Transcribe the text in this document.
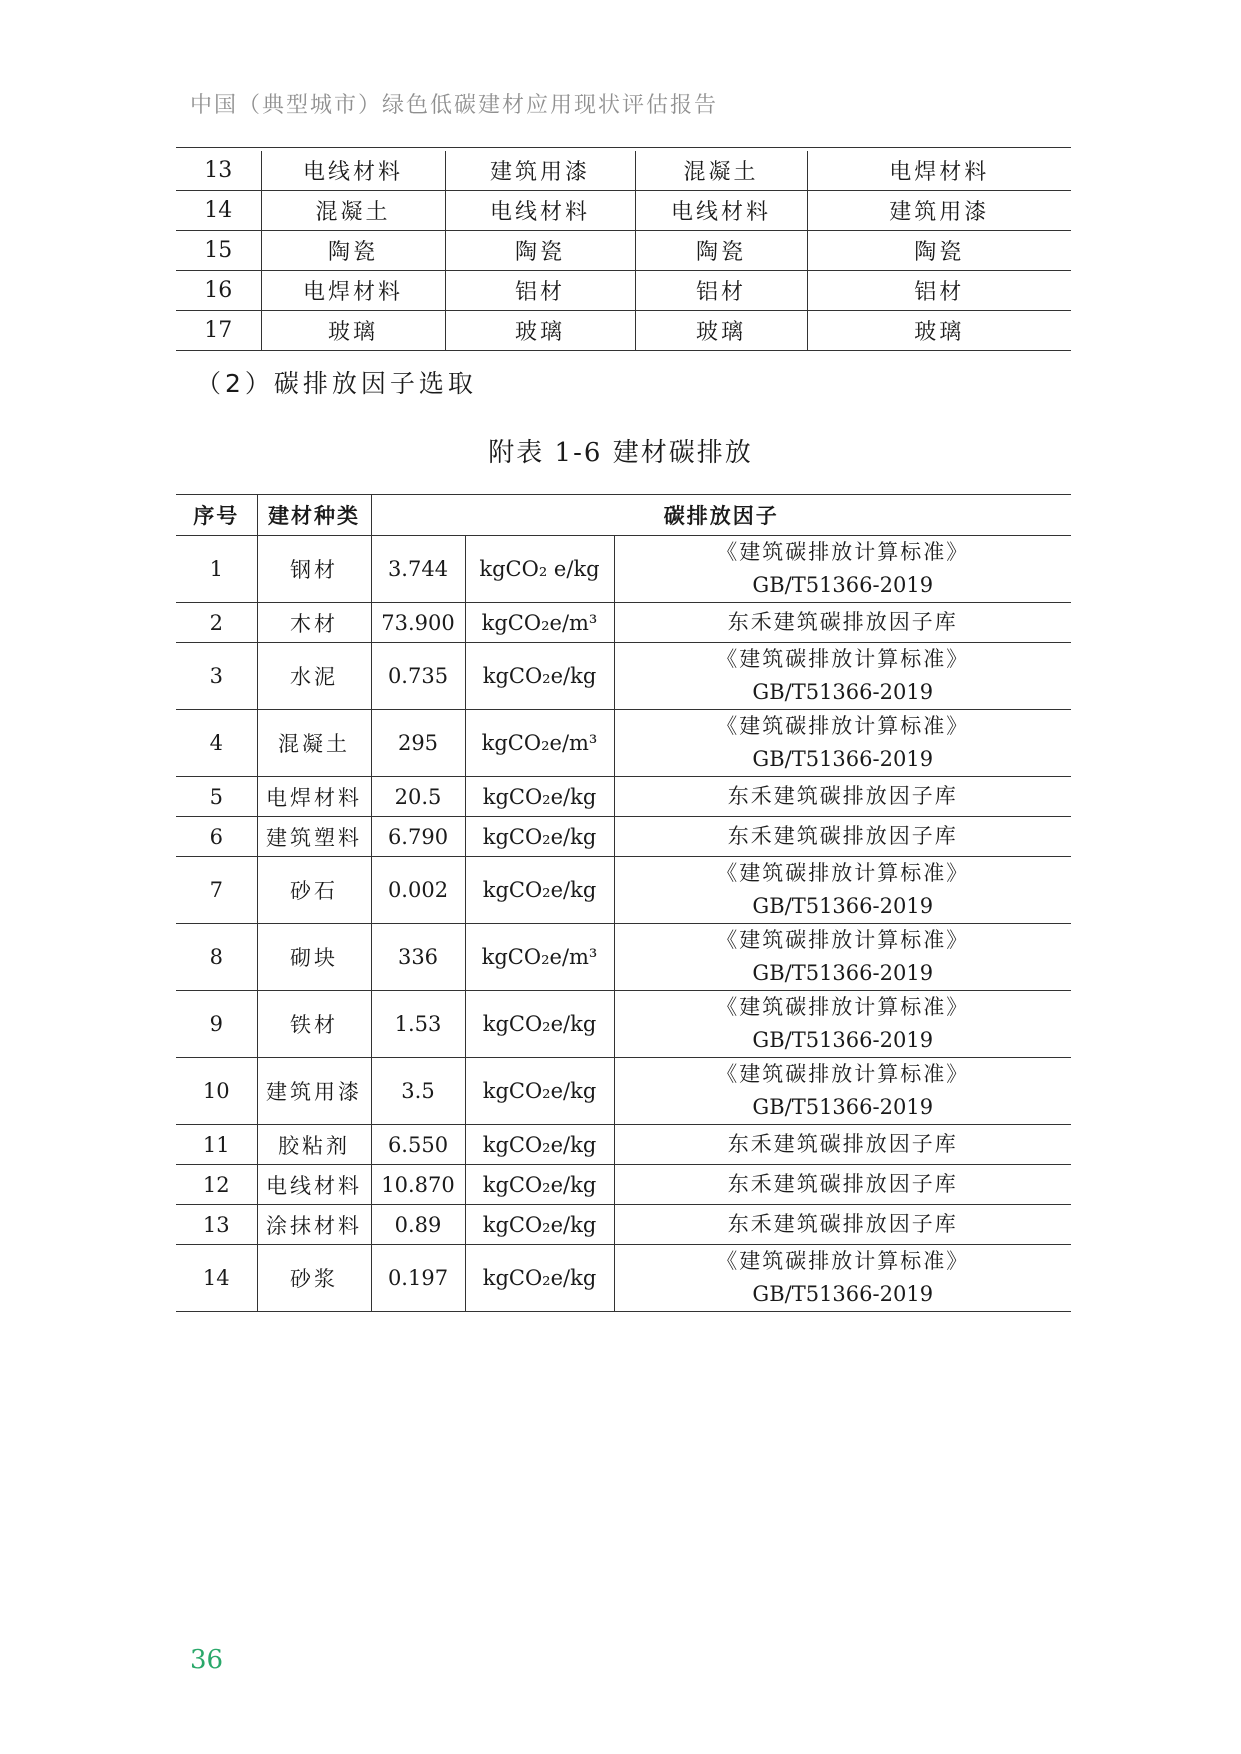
中国（典型城市）绿色低碳建材应用现状评估报告
13	电线材料	建筑用漆	混凝土	电焊材料
14	混凝土	电线材料	电线材料	建筑用漆
15	陶瓷	陶瓷	陶瓷	陶瓷
16	电焊材料	铝材	铝材	铝材
17	玻璃	玻璃	玻璃	玻璃
（2）碳排放因子选取
附表 1-6 建材碳排放
序号	建材种类	碳排放因子		
1	钢材	3.744	kgCO₂ e/kg	《建筑碳排放计算标准》
GB/T51366-2019

2	木材	73.900	kgCO₂e/m³	东禾建筑碳排放因子库
3	水泥	0.735	kgCO₂e/kg	《建筑碳排放计算标准》
GB/T51366-2019

4	混凝土	295	kgCO₂e/m³	《建筑碳排放计算标准》
GB/T51366-2019

5	电焊材料	20.5	kgCO₂e/kg	东禾建筑碳排放因子库
6	建筑塑料	6.790	kgCO₂e/kg	东禾建筑碳排放因子库
7	砂石	0.002	kgCO₂e/kg	《建筑碳排放计算标准》
GB/T51366-2019

8	砌块	336	kgCO₂e/m³	《建筑碳排放计算标准》
GB/T51366-2019

9	铁材	1.53	kgCO₂e/kg	《建筑碳排放计算标准》
GB/T51366-2019

10	建筑用漆	3.5	kgCO₂e/kg	《建筑碳排放计算标准》
GB/T51366-2019

11	胶粘剂	6.550	kgCO₂e/kg	东禾建筑碳排放因子库
12	电线材料	10.870	kgCO₂e/kg	东禾建筑碳排放因子库
13	涂抹材料	0.89	kgCO₂e/kg	东禾建筑碳排放因子库
14	砂浆	0.197	kgCO₂e/kg	《建筑碳排放计算标准》
GB/T51366-2019
36
